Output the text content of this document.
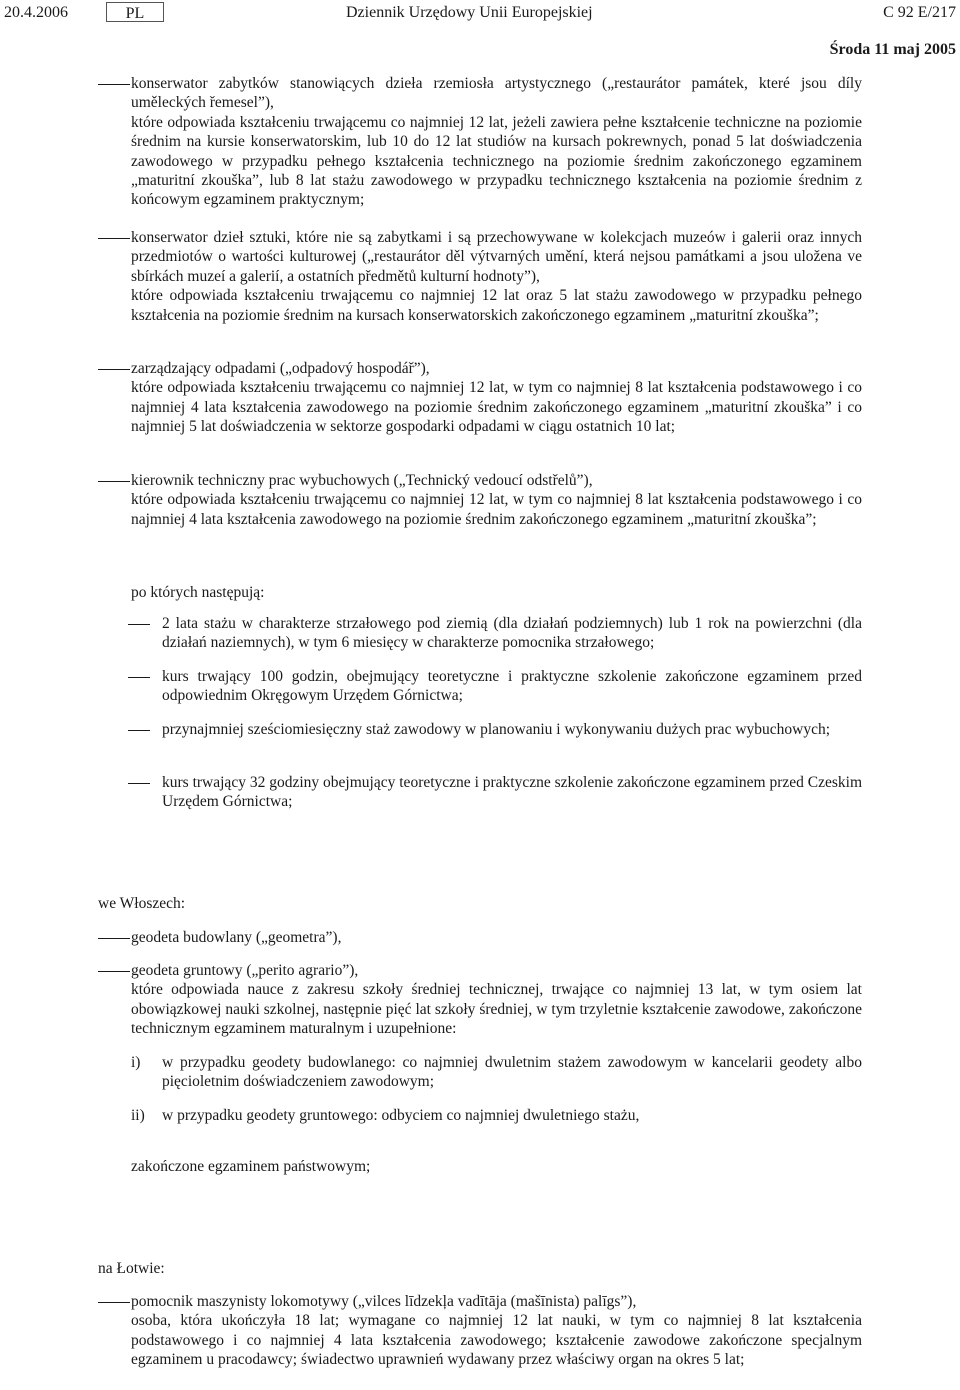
20.4.2006	PL	Dziennik Urzędowy Unii Europejskiej	C 92 E/217
Środa 11 maj 2005
konserwator zabytków stanowiących dzieła rzemiosła artystycznego („restaurátor památek, které jsou díly uměleckých řemesel”),
które odpowiada kształceniu trwającemu co najmniej 12 lat, jeżeli zawiera pełne kształcenie techniczne na poziomie średnim na kursie konserwatorskim, lub 10 do 12 lat studiów na kursach pokrewnych, ponad 5 lat doświadczenia zawodowego w przypadku pełnego kształcenia technicznego na poziomie średnim zakończonego egzaminem „maturitní zkouška”, lub 8 lat stażu zawodowego w przypadku technicznego kształcenia na poziomie średnim z końcowym egzaminem praktycznym;
konserwator dzieł sztuki, które nie są zabytkami i są przechowywane w kolekcjach muzeów i galerii oraz innych przedmiotów o wartości kulturowej („restaurátor děl výtvarných umění, která nejsou památkami a jsou uložena ve sbírkách muzeí a galerií, a ostatních předmětů kulturní hodnoty”),
które odpowiada kształceniu trwającemu co najmniej 12 lat oraz 5 lat stażu zawodowego w przypadku pełnego kształcenia na poziomie średnim na kursach konserwatorskich zakończonego egzaminem „maturitní zkouška”;
zarządzający odpadami („odpadový hospodář”),
które odpowiada kształceniu trwającemu co najmniej 12 lat, w tym co najmniej 8 lat kształcenia podstawowego i co najmniej 4 lata kształcenia zawodowego na poziomie średnim zakończonego egzaminem „maturitní zkouška” i co najmniej 5 lat doświadczenia w sektorze gospodarki odpadami w ciągu ostatnich 10 lat;
kierownik techniczny prac wybuchowych („Technický vedoucí odstřelů”),
które odpowiada kształceniu trwającemu co najmniej 12 lat, w tym co najmniej 8 lat kształcenia podstawowego i co najmniej 4 lata kształcenia zawodowego na poziomie średnim zakończonego egzaminem „maturitní zkouška”;
po których następują:
2 lata stażu w charakterze strzałowego pod ziemią (dla działań podziemnych) lub 1 rok na powierzchni (dla działań naziemnych), w tym 6 miesięcy w charakterze pomocnika strzałowego;
kurs trwający 100 godzin, obejmujący teoretyczne i praktyczne szkolenie zakończone egzaminem przed odpowiednim Okręgowym Urzędem Górnictwa;
przynajmniej sześciomiesięczny staż zawodowy w planowaniu i wykonywaniu dużych prac wybuchowych;
kurs trwający 32 godziny obejmujący teoretyczne i praktyczne szkolenie zakończone egzaminem przed Czeskim Urzędem Górnictwa;
we Włoszech:
geodeta budowlany („geometra”),
geodeta gruntowy („perito agrario”),
które odpowiada nauce z zakresu szkoły średniej technicznej, trwające co najmniej 13 lat, w tym osiem lat obowiązkowej nauki szkolnej, następnie pięć lat szkoły średniej, w tym trzyletnie kształcenie zawodowe, zakończone technicznym egzaminem maturalnym i uzupełnione:
i) w przypadku geodety budowlanego: co najmniej dwuletnim stażem zawodowym w kancelarii geodety albo pięcioletnim doświadczeniem zawodowym;
ii) w przypadku geodety gruntowego: odbyciem co najmniej dwuletniego stażu,
zakończone egzaminem państwowym;
na Łotwie:
pomocnik maszynisty lokomotywy („vilces līdzekļa vadītāja (mašīnista) palīgs”),
osoba, która ukończyła 18 lat; wymagane co najmniej 12 lat nauki, w tym co najmniej 8 lat kształcenia podstawowego i co najmniej 4 lata kształcenia zawodowego; kształcenie zawodowe zakończone specjalnym egzaminem u pracodawcy; świadectwo uprawnień wydawany przez właściwy organ na okres 5 lat;
